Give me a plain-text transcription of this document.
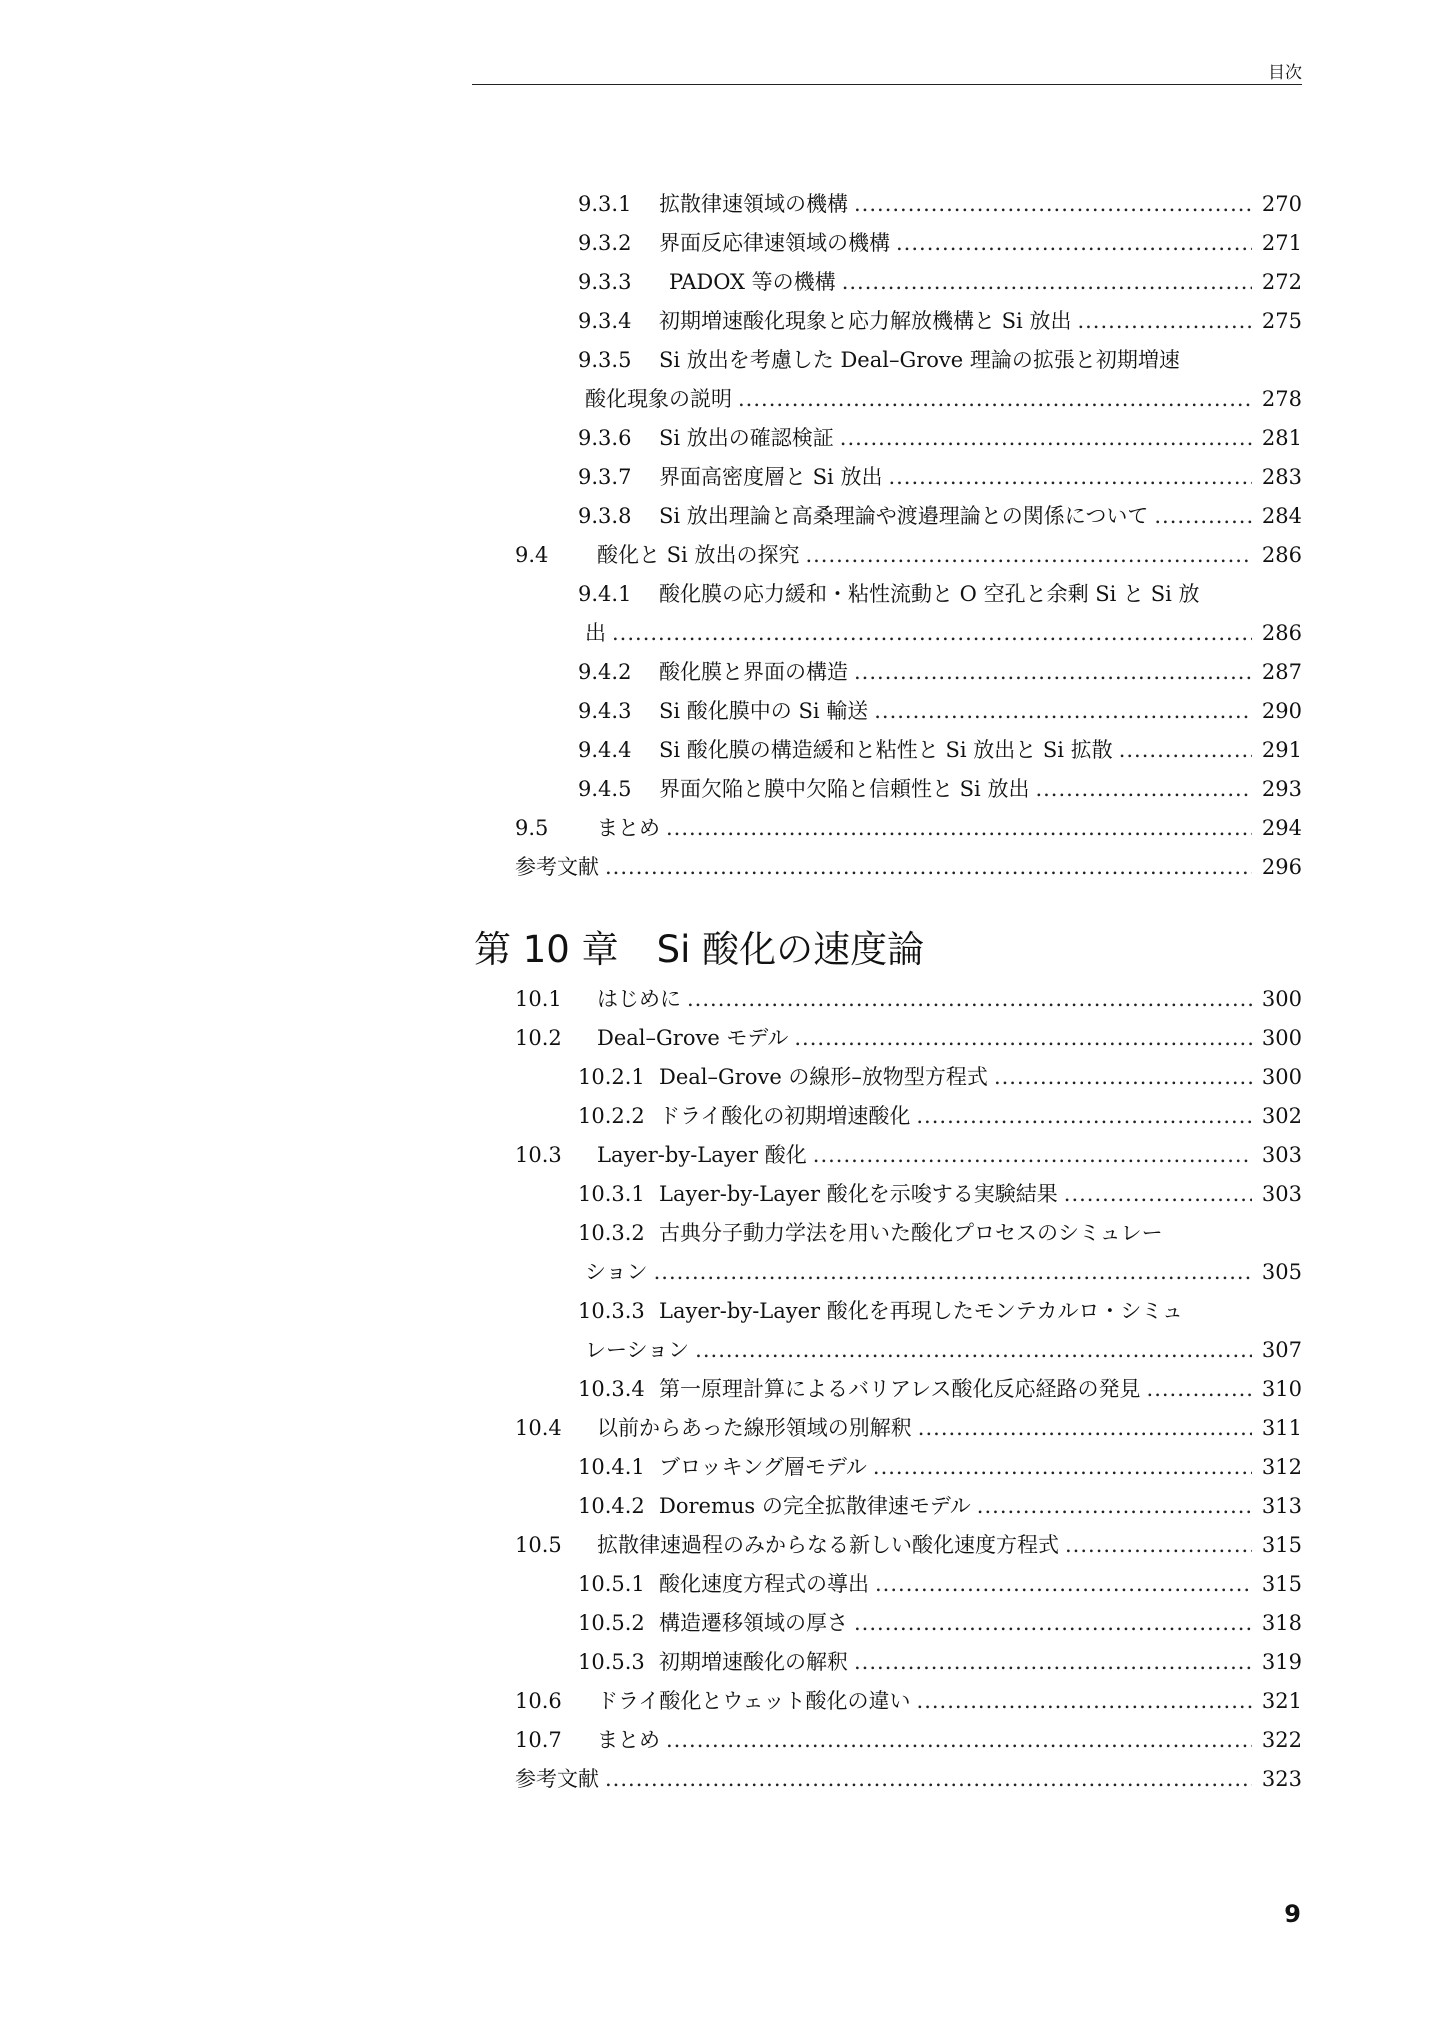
目次
9.3.1	拡散律速領域の機構 .....	270
9.3.2	界面反応律速領域の機構 .....	271
9.3.3	PADOX 等の機構 .....	272
9.3.4	初期増速酸化現象と応力解放機構と Si 放出 .....	275
9.3.5	Si 放出を考慮した Deal–Grove 理論の拡張と初期増速
酸化現象の説明 .....	278
9.3.6	Si 放出の確認検証 .....	281
9.3.7	界面高密度層と Si 放出 .....	283
9.3.8	Si 放出理論と高桑理論や渡邉理論との関係について .....	284
9.4	酸化と Si 放出の探究 .....	286
9.4.1	酸化膜の応力緩和・粘性流動と O 空孔と余剰 Si と Si 放
出 .....	286
9.4.2	酸化膜と界面の構造 .....	287
9.4.3	Si 酸化膜中の Si 輸送 .....	290
9.4.4	Si 酸化膜の構造緩和と粘性と Si 放出と Si 拡散 .....	291
9.4.5	界面欠陥と膜中欠陥と信頼性と Si 放出 .....	293
9.5	まとめ .....	294
参考文献 .....	296
第 10 章 Si 酸化の速度論
10.1	はじめに .....	300
10.2	Deal–Grove モデル .....	300
10.2.1 Deal–Grove の線形–放物型方程式 .....	300
10.2.2 ドライ酸化の初期増速酸化 .....	302
10.3	Layer-by-Layer 酸化 .....	303
10.3.1 Layer-by-Layer 酸化を示唆する実験結果 .....	303
10.3.2 古典分子動力学法を用いた酸化プロセスのシミュレー
ション .....	305
10.3.3 Layer-by-Layer 酸化を再現したモンテカルロ・シミュ
レーション .....	307
10.3.4 第一原理計算によるバリアレス酸化反応経路の発見 .....	310
10.4	以前からあった線形領域の別解釈 .....	311
10.4.1 ブロッキング層モデル .....	312
10.4.2 Doremus の完全拡散律速モデル .....	313
10.5	拡散律速過程のみからなる新しい酸化速度方程式 .....	315
10.5.1 酸化速度方程式の導出 .....	315
10.5.2 構造遷移領域の厚さ .....	318
10.5.3 初期増速酸化の解釈 .....	319
10.6	ドライ酸化とウェット酸化の違い .....	321
10.7	まとめ .....	322
参考文献 .....	323
9
